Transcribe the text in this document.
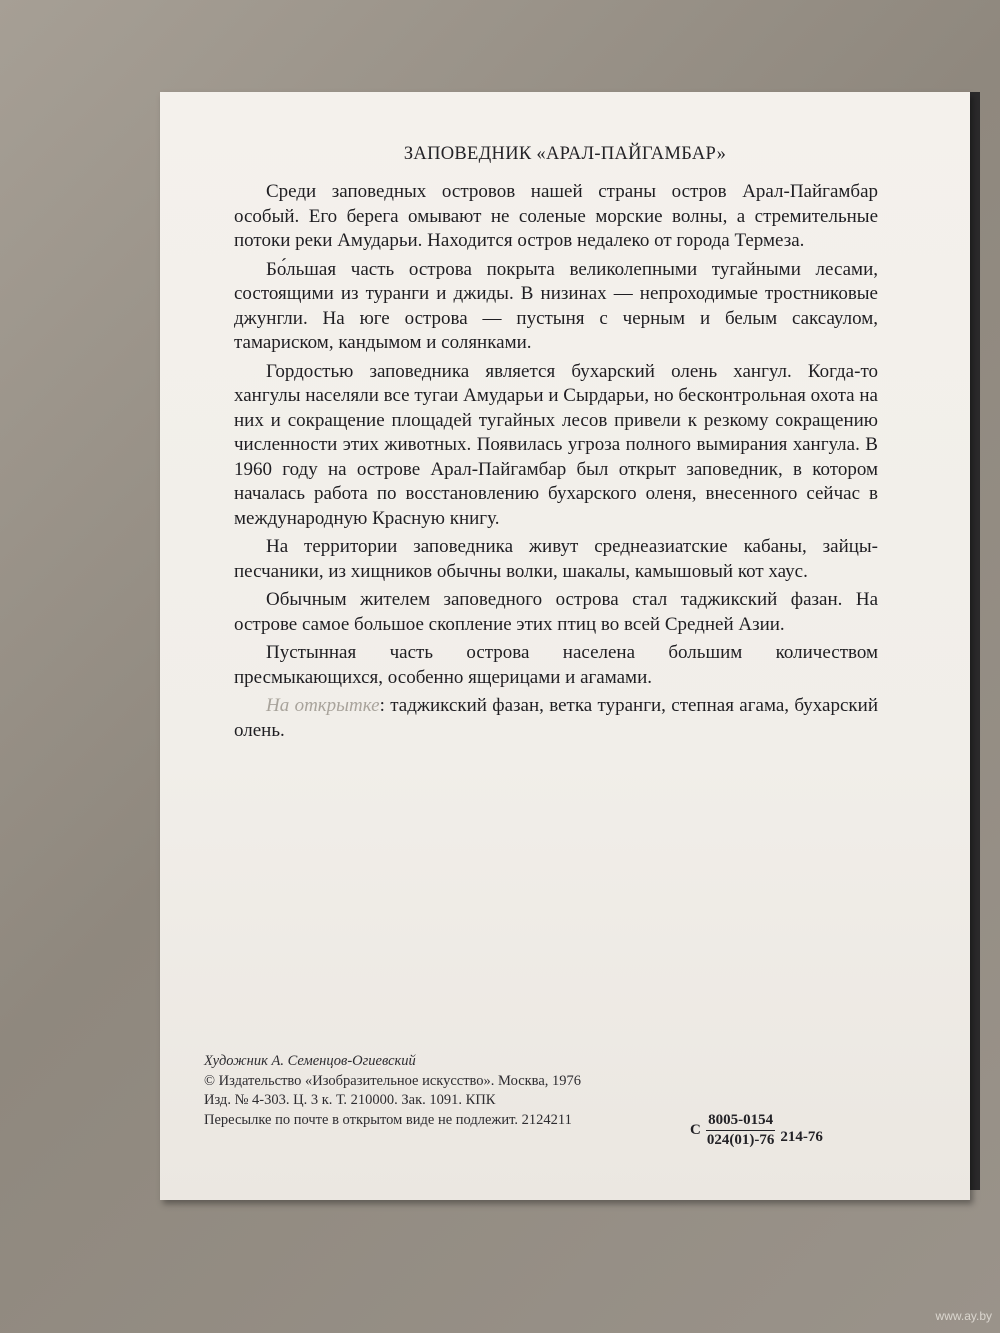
ЗАПОВЕДНИК «АРАЛ-ПАЙГАМБАР»

Среди заповедных островов нашей страны остров Арал-Пайгамбар особый. Его берега омывают не соленые морские волны, а стремительные потоки реки Амударьи. Находится остров недалеко от города Термеза.

Бо́льшая часть острова покрыта великолепными тугайными лесами, состоящими из туранги и джиды. В низинах — непроходимые тростниковые джунгли. На юге острова — пустыня с черным и белым саксаулом, тамариском, кандымом и солянками.

Гордостью заповедника является бухарский олень хангул. Когда-то хангулы населяли все тугаи Амударьи и Сырдарьи, но бесконтрольная охота на них и сокращение площадей тугайных лесов привели к резкому сокращению численности этих животных. Появилась угроза полного вымирания хангула. В 1960 году на острове Арал-Пайгамбар был открыт заповедник, в котором началась работа по восстановлению бухарского оленя, внесенного сейчас в международную Красную книгу.

На территории заповедника живут среднеазиатские кабаны, зайцы-песчаники, из хищников обычны волки, шакалы, камышовый кот хаус.

Обычным жителем заповедного острова стал таджикский фазан. На острове самое большое скопление этих птиц во всей Средней Азии.

Пустынная часть острова населена большим количеством пресмыкающихся, особенно ящерицами и агамами.

На открытке: таджикский фазан, ветка туранги, степная агама, бухарский олень.

Художник А. Семенцов-Огиевский
© Издательство «Изобразительное искусство». Москва, 1976
Изд. № 4-303. Ц. 3 к. Т. 210000. Зак. 1091. КПК
Пересылке по почте в открытом виде не подлежит. 2124211
С $\frac{8005-0154}{024(01)-76} 214-76$
www.ay.by
